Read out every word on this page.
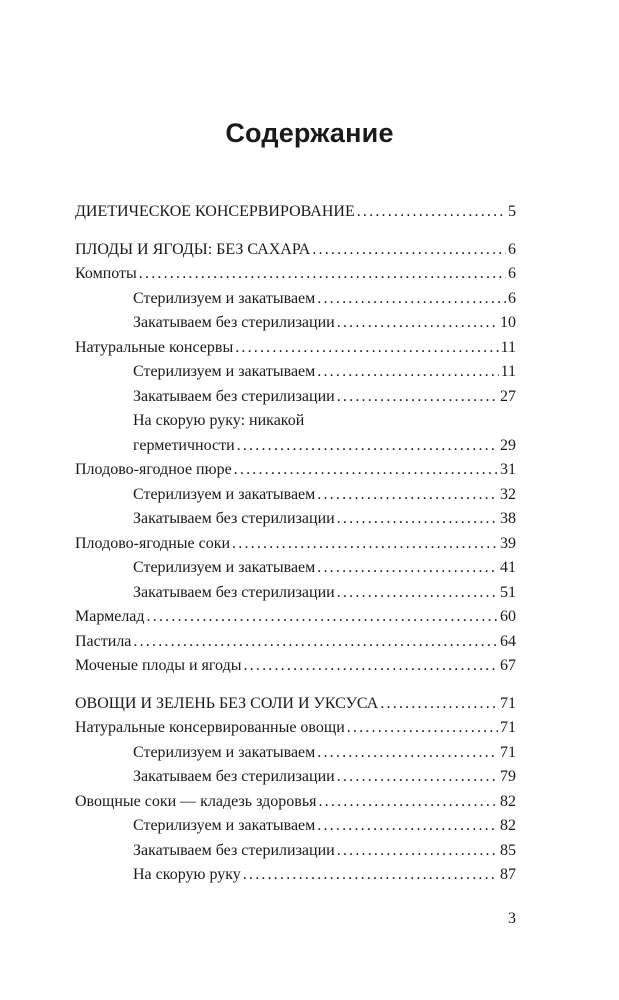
Содержание
ДИЕТИЧЕСКОЕ КОНСЕРВИРОВАНИЕ .....	5
ПЛОДЫ И ЯГОДЫ: БЕЗ САХАРА .....	6
Компоты .....	6
Стерилизуем и закатываем .....	6
Закатываем без стерилизации .....	10
Натуральные консервы .....	11
Стерилизуем и закатываем .....	11
Закатываем без стерилизации .....	27
На скорую руку: никакой
герметичности .....	29
Плодово-ягодное пюре .....	31
Стерилизуем и закатываем .....	32
Закатываем без стерилизации .....	38
Плодово-ягодные соки .....	39
Стерилизуем и закатываем .....	41
Закатываем без стерилизации .....	51
Мармелад .....	60
Пастила .....	64
Моченые плоды и ягоды .....	67
ОВОЩИ И ЗЕЛЕНЬ БЕЗ СОЛИ И УКСУСА .....	71
Натуральные консервированные овощи .....	71
Стерилизуем и закатываем .....	71
Закатываем без стерилизации .....	79
Овощные соки — кладезь здоровья .....	82
Стерилизуем и закатываем .....	82
Закатываем без стерилизации .....	85
На скорую руку .....	87
3
